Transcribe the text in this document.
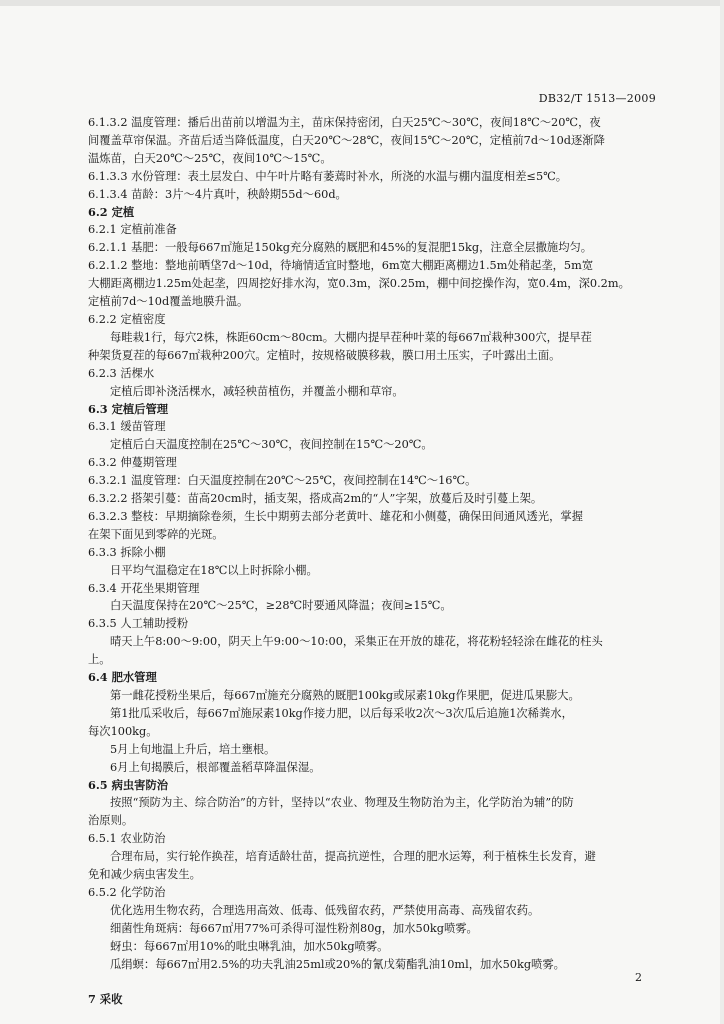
DB32/T 1513—2009

6.1.3.2 温度管理：播后出苗前以增温为主，苗床保持密闭，白天25℃～30℃，夜间18℃～20℃，夜

间覆盖草帘保温。齐苗后适当降低温度，白天20℃～28℃，夜间15℃～20℃，定植前7d～10d逐渐降

温炼苗，白天20℃～25℃，夜间10℃～15℃。

6.1.3.3 水份管理：表土层发白、中午叶片略有萎蔫时补水，所浇的水温与棚内温度相差≤5℃。

6.1.3.4 苗龄：3片～4片真叶，秧龄期55d～60d。

6.2 定植

6.2.1 定植前准备

6.2.1.1 基肥：一般每667㎡施足150kg充分腐熟的厩肥和45%的复混肥15kg，注意全层撒施均匀。

6.2.1.2 整地：整地前晒垡7d～10d，待墒情适宜时整地，6m宽大棚距离棚边1.5m处稍起垄，5m宽

大棚距离棚边1.25m处起垄，四周挖好排水沟，宽0.3m，深0.25m，棚中间挖操作沟，宽0.4m，深0.2m。

定植前7d～10d覆盖地膜升温。

6.2.2 定植密度

每畦栽1行，每穴2株，株距60cm～80cm。大棚内提早茬种叶菜的每667㎡栽种300穴，提早茬

种架货夏茬的每667㎡栽种200穴。定植时，按规格破膜移栽，膜口用土压实，子叶露出土面。

6.2.3 活棵水

定植后即补浇活棵水，减轻秧苗植伤，并覆盖小棚和草帘。

6.3 定植后管理

6.3.1 缓苗管理

定植后白天温度控制在25℃～30℃，夜间控制在15℃～20℃。

6.3.2 伸蔓期管理

6.3.2.1 温度管理：白天温度控制在20℃～25℃，夜间控制在14℃～16℃。

6.3.2.2 搭架引蔓：苗高20cm时，插支架，搭成高2m的“人”字架，放蔓后及时引蔓上架。

6.3.2.3 整枝：早期摘除卷须，生长中期剪去部分老黄叶、雄花和小侧蔓，确保田间通风透光，掌握

在架下面见到零碎的光斑。

6.3.3 拆除小棚

日平均气温稳定在18℃以上时拆除小棚。

6.3.4 开花坐果期管理

白天温度保持在20℃～25℃，≥28℃时要通风降温；夜间≥15℃。

6.3.5 人工辅助授粉

晴天上午8:00～9:00，阴天上午9:00～10:00，采集正在开放的雄花，将花粉轻轻涂在雌花的柱头

上。

6.4 肥水管理

第一雌花授粉坐果后，每667㎡施充分腐熟的厩肥100kg或尿素10kg作果肥，促进瓜果膨大。

第1批瓜采收后，每667㎡施尿素10kg作接力肥，以后每采收2次～3次瓜后追施1次稀粪水，

每次100kg。

5月上旬地温上升后，培土壅根。

6月上旬揭膜后，根部覆盖稻草降温保湿。

6.5 病虫害防治

按照“预防为主、综合防治”的方针，坚持以“农业、物理及生物防治为主，化学防治为辅”的防

治原则。

6.5.1 农业防治

合理布局，实行轮作换茬，培育适龄壮苗，提高抗逆性，合理的肥水运筹，利于植株生长发育，避

免和减少病虫害发生。

6.5.2 化学防治

优化选用生物农药，合理选用高效、低毒、低残留农药，严禁使用高毒、高残留农药。

细菌性角斑病：每667㎡用77%可杀得可湿性粉剂80g，加水50kg喷雾。

蚜虫：每667㎡用10%的吡虫啉乳油，加水50kg喷雾。

瓜绢螟：每667㎡用2.5%的功夫乳油25ml或20%的氰戊菊酯乳油10ml，加水50kg喷雾。

7 采收

2
